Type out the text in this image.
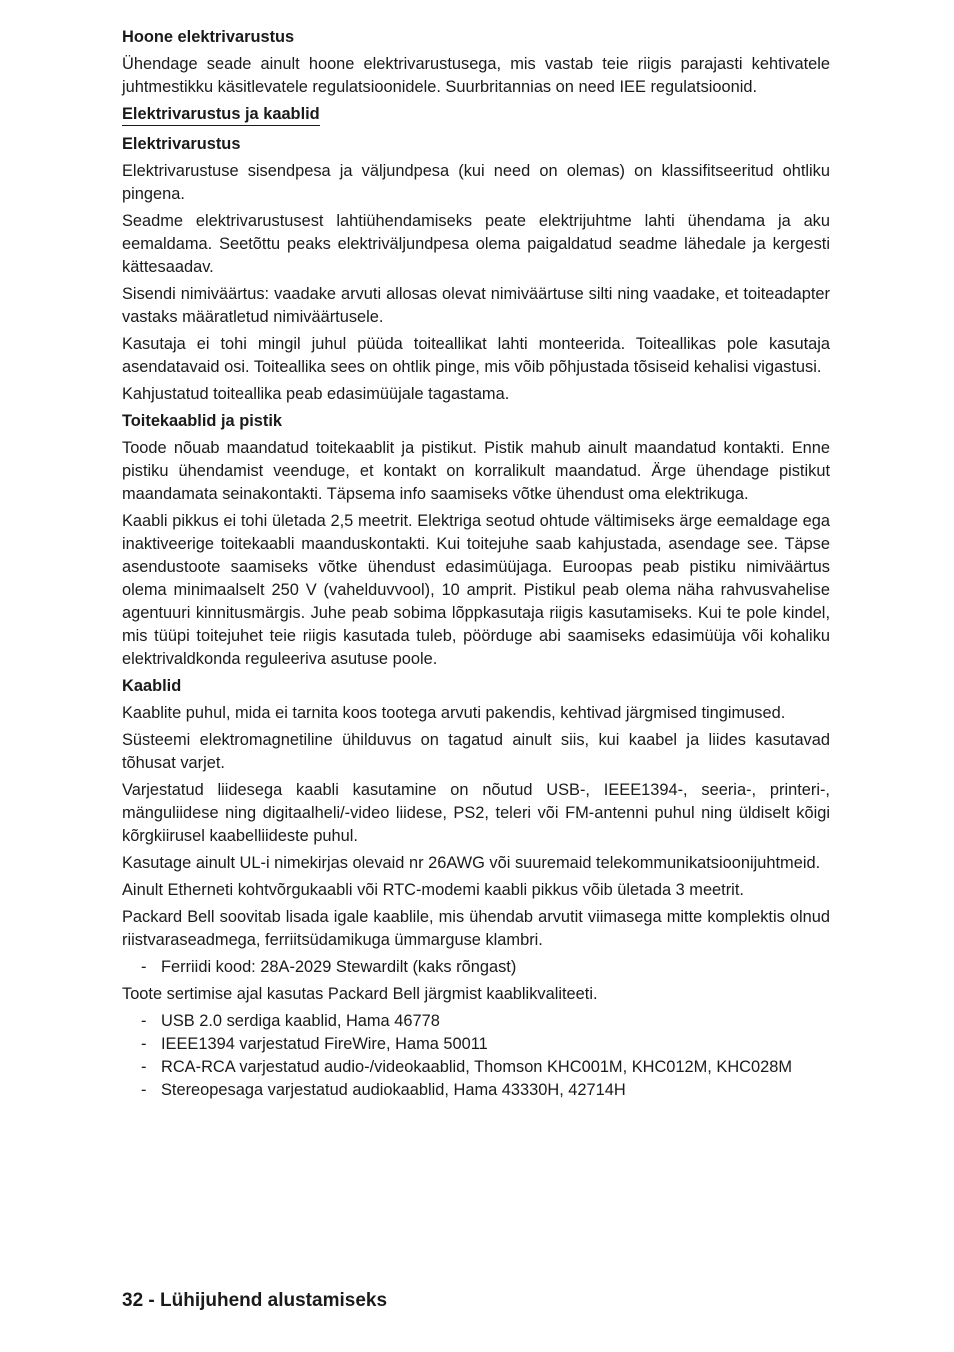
Hoone elektrivarustus

Ühendage seade ainult hoone elektrivarustusega, mis vastab teie riigis parajasti kehtivatele juhtmestikku käsitlevatele regulatsioonidele. Suurbritannias on need IEE regulatsioonid.

Elektrivarustus ja kaablid
Elektrivarustus

Elektrivarustuse sisendpesa ja väljundpesa (kui need on olemas) on klassifitseeritud ohtliku pingena.

Seadme elektrivarustusest lahtiühendamiseks peate elektrijuhtme lahti ühendama ja aku eemaldama. Seetõttu peaks elektriväljundpesa olema paigaldatud seadme lähedale ja kergesti kättesaadav.

Sisendi nimiväärtus: vaadake arvuti allosas olevat nimiväärtuse silti ning vaadake, et toiteadapter vastaks määratletud nimiväärtusele.

Kasutaja ei tohi mingil juhul püüda toiteallikat lahti monteerida. Toiteallikas pole kasutaja asendatavaid osi. Toiteallika sees on ohtlik pinge, mis võib põhjustada tõsiseid kehalisi vigastusi.

Kahjustatud toiteallika peab edasimüüjale tagastama.

Toitekaablid ja pistik

Toode nõuab maandatud toitekaablit ja pistikut. Pistik mahub ainult maandatud kontakti. Enne pistiku ühendamist veenduge, et kontakt on korralikult maandatud. Ärge ühendage pistikut maandamata seinakontakti. Täpsema info saamiseks võtke ühendust oma elektrikuga.

Kaabli pikkus ei tohi ületada 2,5 meetrit. Elektriga seotud ohtude vältimiseks ärge eemaldage ega inaktiveerige toitekaabli maanduskontakti. Kui toitejuhe saab kahjustada, asendage see. Täpse asendustoote saamiseks võtke ühendust edasimüüjaga. Euroopas peab pistiku nimiväärtus olema minimaalselt 250 V (vahelduvvool), 10 amprit. Pistikul peab olema näha rahvusvahelise agentuuri kinnitusmärgis. Juhe peab sobima lõppkasutaja riigis kasutamiseks. Kui te pole kindel, mis tüüpi toitejuhet teie riigis kasutada tuleb, pöörduge abi saamiseks edasimüüja või kohaliku elektrivaldkonda reguleeriva asutuse poole.

Kaablid

Kaablite puhul, mida ei tarnita koos tootega arvuti pakendis, kehtivad järgmised tingimused.

Süsteemi elektromagnetiline ühilduvus on tagatud ainult siis, kui kaabel ja liides kasutavad tõhusat varjet.

Varjestatud liidesega kaabli kasutamine on nõutud USB-, IEEE1394-, seeria-, printeri-, mänguliidese ning digitaalheli/-video liidese, PS2, teleri või FM-antenni puhul ning üldiselt kõigi kõrgkiirusel kaabelliideste puhul.

Kasutage ainult UL-i nimekirjas olevaid nr 26AWG või suuremaid telekommunikatsioonijuhtmeid.

Ainult Etherneti kohtvõrgukaabli või RTC-modemi kaabli pikkus võib ületada 3 meetrit.

Packard Bell soovitab lisada igale kaablile, mis ühendab arvutit viimasega mitte komplektis olnud riistvaraseadmega, ferriitsüdamikuga ümmarguse klambri.

- Ferriidi kood: 28A-2029 Stewardilt (kaks rõngast)

Toote sertimise ajal kasutas Packard Bell järgmist kaablikvaliteeti.

- USB 2.0 serdiga kaablid, Hama 46778
- IEEE1394 varjestatud FireWire, Hama 50011
- RCA-RCA varjestatud audio-/videokaablid, Thomson KHC001M, KHC012M, KHC028M
- Stereopesaga varjestatud audiokaablid, Hama 43330H, 42714H
32 - Lühijuhend alustamiseks
